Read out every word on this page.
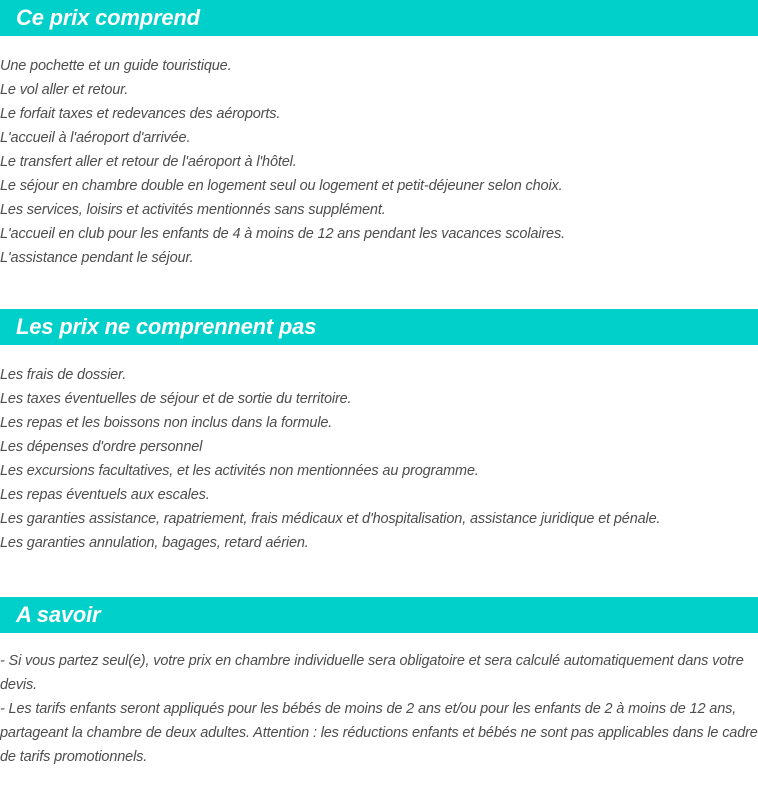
Ce prix comprend
Une pochette et un guide touristique.
Le vol aller et retour.
Le forfait taxes et redevances des aéroports.
L'accueil à l'aéroport d'arrivée.
Le transfert aller et retour de l'aéroport à l'hôtel.
Le séjour en chambre double en logement seul ou logement et petit-déjeuner selon choix.
Les services, loisirs et activités mentionnés sans supplément.
L'accueil en club pour les enfants de 4 à moins de 12 ans pendant les vacances scolaires.
L'assistance pendant le séjour.
Les prix ne comprennent pas
Les frais de dossier.
Les taxes éventuelles de séjour et de sortie du territoire.
Les repas et les boissons non inclus dans la formule.
Les dépenses d'ordre personnel
Les excursions facultatives, et les activités non mentionnées au programme.
Les repas éventuels aux escales.
Les garanties assistance, rapatriement, frais médicaux et d'hospitalisation, assistance juridique et pénale.
Les garanties annulation, bagages, retard aérien.
A savoir

- Si vous partez seul(e), votre prix en chambre individuelle sera obligatoire et sera calculé automatiquement dans votre devis.

- Les tarifs enfants seront appliqués pour les bébés de moins de 2 ans et/ou pour les enfants de 2 à moins de 12 ans, partageant la chambre de deux adultes. Attention : les réductions enfants et bébés ne sont pas applicables dans le cadre de tarifs promotionnels.
